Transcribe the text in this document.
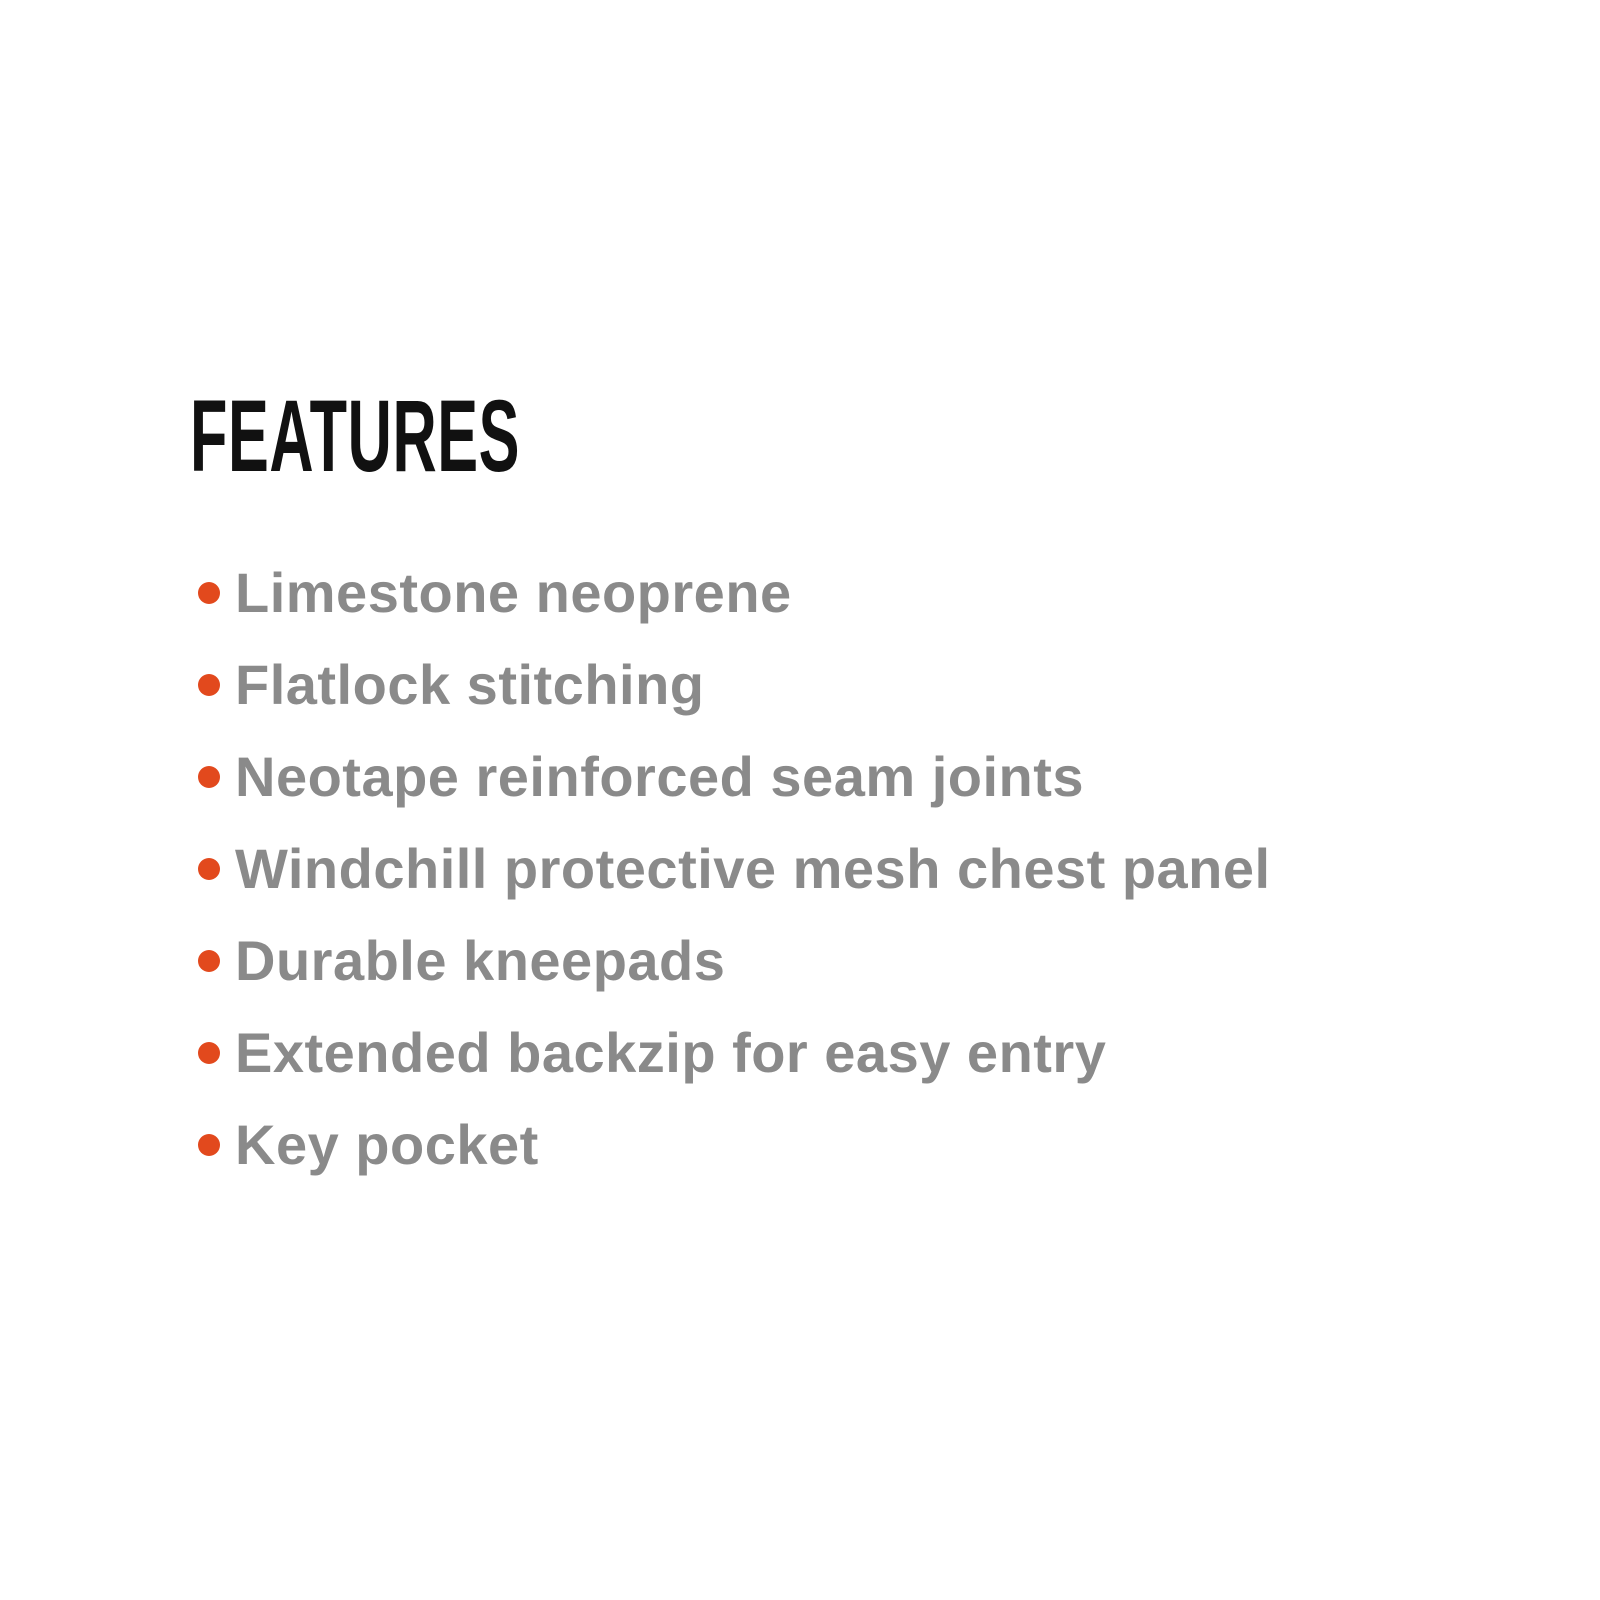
FEATURES
Limestone neoprene
Flatlock stitching
Neotape reinforced seam joints
Windchill protective mesh chest panel
Durable kneepads
Extended backzip for easy entry
Key pocket
